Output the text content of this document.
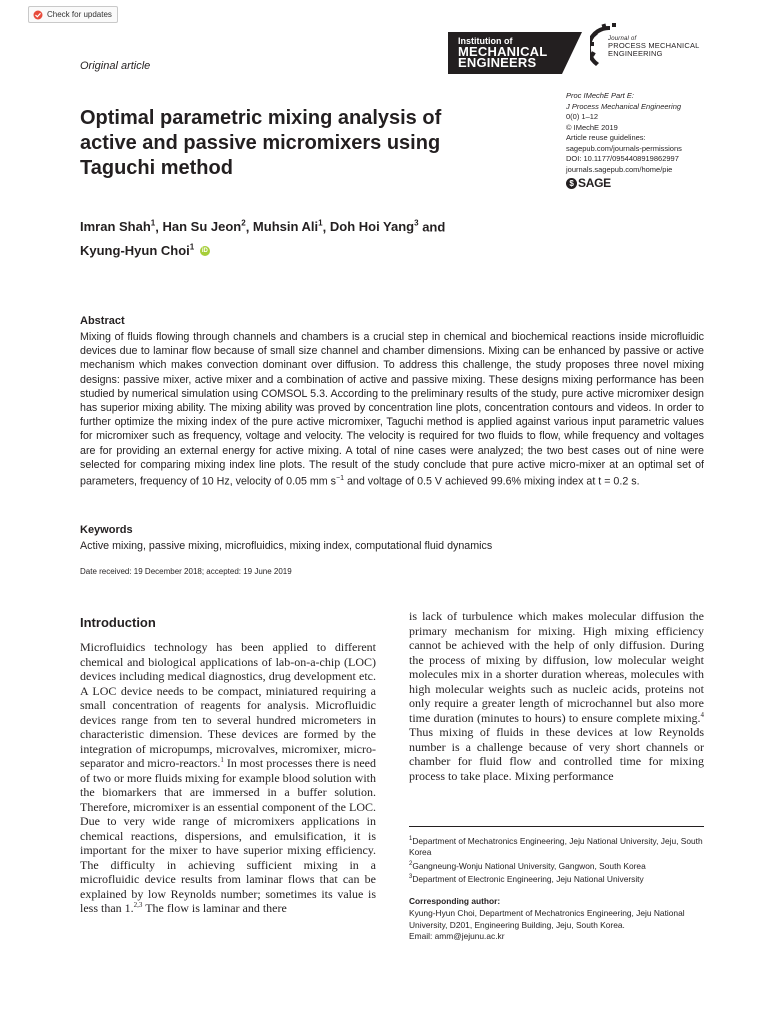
Check for updates
Original article
Institution of
MECHANICAL
ENGINEERS
Journal of
PROCESS MECHANICAL
ENGINEERING
Proc IMechE Part E:
J Process Mechanical Engineering
0(0) 1–12
© IMechE 2019
Article reuse guidelines:
sagepub.com/journals-permissions
DOI: 10.1177/0954408919862997
journals.sagepub.com/home/pie
$ SAGE
Optimal parametric mixing analysis of active and passive micromixers using Taguchi method
Imran Shah$^1$, Han Su Jeon$^2$, Muhsin Ali$^1$, Doh Hoi Yang$^3$ and
Kyung-Hyun Choi$^1$ iD
Abstract
Mixing of fluids flowing through channels and chambers is a crucial step in chemical and biochemical reactions inside microfluidic devices due to laminar flow because of small size channel and chamber dimensions. Mixing can be enhanced by passive or active mechanism which makes convection dominant over diffusion. To address this challenge, the study proposes three novel mixing designs: passive mixer, active mixer and a combination of active and passive mixing. These designs mixing performance has been studied by numerical simulation using COMSOL 5.3. According to the preliminary results of the study, pure active micromixer design has superior mixing ability. The mixing ability was proved by concentration line plots, concentration contours and videos. In order to further optimize the mixing index of the pure active micromixer, Taguchi method is applied against various input parametric values for micromixer such as frequency, voltage and velocity. The velocity is required for two fluids to flow, while frequency and voltages are for providing an external energy for active mixing. A total of nine cases were analyzed; the two best cases out of nine were selected for comparing mixing index line plots. The result of the study conclude that pure active micro-mixer at an optimal set of parameters, frequency of 10 Hz, velocity of 0.05 mm $s^{-1}$ and voltage of 0.5 V achieved 99.6% mixing index at t = 0.2 s.
Keywords
Active mixing, passive mixing, microfluidics, mixing index, computational fluid dynamics
Date received: 19 December 2018; accepted: 19 June 2019
Introduction
Microfluidics technology has been applied to different chemical and biological applications of lab-on-a-chip (LOC) devices including medical diagnostics, drug development etc. A LOC device needs to be compact, miniatured requiring a small concentration of reagents for analysis. Microfluidic devices range from ten to several hundred micrometers in characteristic dimension. These devices are formed by the integration of micropumps, microvalves, micromixer, micro-separator and micro-reactors.$^1$ In most processes there is need of two or more fluids mixing for example blood solution with the biomarkers that are immersed in a buffer solution. Therefore, micromixer is an essential component of the LOC. Due to very wide range of micromixers applications in chemical reactions, dispersions, and emulsification, it is important for the mixer to have superior mixing efficiency. The difficulty in achieving sufficient mixing in a microfluidic device results from laminar flows that can be explained by low Reynolds number; sometimes its value is less than 1.$^{2,3}$ The flow is laminar and there
is lack of turbulence which makes molecular diffusion the primary mechanism for mixing. High mixing efficiency cannot be achieved with the help of only diffusion. During the process of mixing by diffusion, low molecular weight molecules mix in a shorter duration whereas, molecules with high molecular weights such as nucleic acids, proteins not only require a greater length of microchannel but also more time duration (minutes to hours) to ensure complete mixing.$^4$ Thus mixing of fluids in these devices at low Reynolds number is a challenge because of very short channels or chamber for fluid flow and controlled time for mixing process to take place. Mixing performance
$^1$Department of Mechatronics Engineering, Jeju National University, Jeju, South Korea
$^2$Gangneung-Wonju National University, Gangwon, South Korea
$^3$Department of Electronic Engineering, Jeju National University
Corresponding author:
Kyung-Hyun Choi, Department of Mechatronics Engineering, Jeju National University, D201, Engineering Building, Jeju, South Korea.
Email: amm@jejunu.ac.kr
